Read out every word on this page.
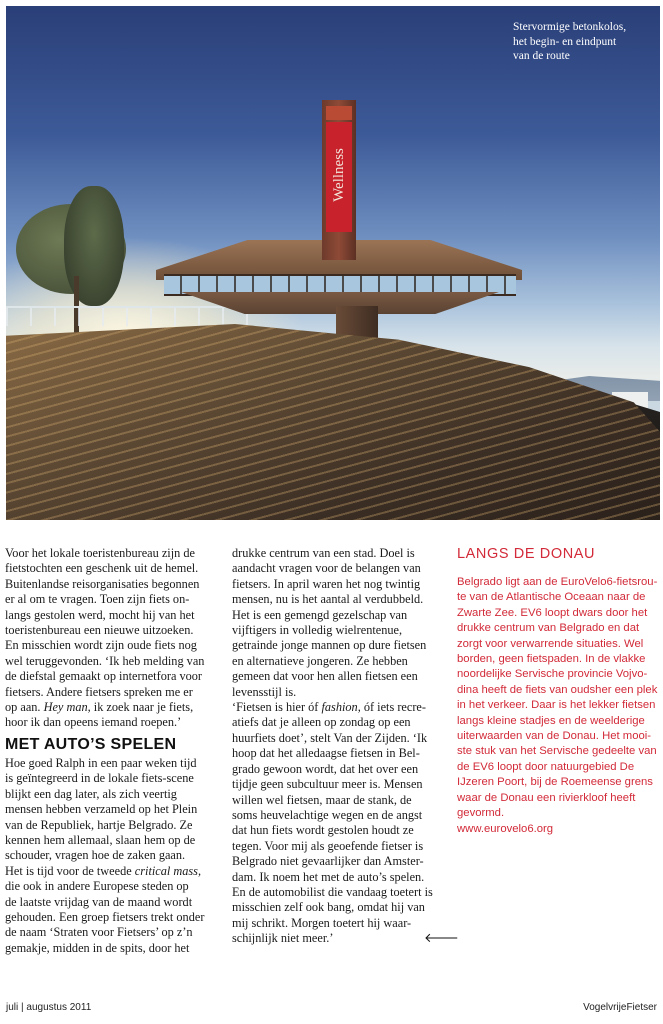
Wellness
Stervormige betonkolos,
het begin- en eindpunt
van de route

Voor het lokale toeristenbureau zijn de
fietstochten een geschenk uit de hemel.
Buitenlandse reisorganisaties begonnen
er al om te vragen. Toen zijn fiets on-
langs gestolen werd, mocht hij van het
toeristenbureau een nieuwe uitzoeken.
En misschien wordt zijn oude fiets nog
wel teruggevonden. ‘Ik heb melding van
de diefstal gemaakt op internetfora voor
fietsers. Andere fietsers spreken me er
op aan. Hey man, ik zoek naar je fiets,
hoor ik dan opeens iemand roepen.’

MET AUTO’S SPELEN

Hoe goed Ralph in een paar weken tijd
is geïntegreerd in de lokale fiets-scene
blijkt een dag later, als zich veertig
mensen hebben verzameld op het Plein
van de Republiek, hartje Belgrado. Ze
kennen hem allemaal, slaan hem op de
schouder, vragen hoe de zaken gaan.
Het is tijd voor de tweede critical mass,
die ook in andere Europese steden op
de laatste vrijdag van de maand wordt
gehouden. Een groep fietsers trekt onder
de naam ‘Straten voor Fietsers’ op z’n
gemakje, midden in de spits, door het

drukke centrum van een stad. Doel is
aandacht vragen voor de belangen van
fietsers. In april waren het nog twintig
mensen, nu is het aantal al verdubbeld.
Het is een gemengd gezelschap van
vijftigers in volledig wielrentenue,
getrainde jonge mannen op dure fietsen
en alternatieve jongeren. Ze hebben
gemeen dat voor hen allen fietsen een
levensstijl is.

‘Fietsen is hier óf fashion, óf iets recre-
atiefs dat je alleen op zondag op een
huurfiets doet’, stelt Van der Zijden. ‘Ik
hoop dat het alledaagse fietsen in Bel-
grado gewoon wordt, dat het over een
tijdje geen subcultuur meer is. Mensen
willen wel fietsen, maar de stank, de
soms heuvelachtige wegen en de angst
dat hun fiets wordt gestolen houdt ze
tegen. Voor mij als geoefende fietser is
Belgrado niet gevaarlijker dan Amster-
dam. Ik noem het met de auto’s spelen.
En de automobilist die vandaag toetert is
misschien zelf ook bang, omdat hij van
mij schrikt. Morgen toetert hij waar-
schijnlijk niet meer.’	🡐
LANGS DE DONAU

Belgrado ligt aan de EuroVelo6-fietsrou-
te van de Atlantische Oceaan naar de
Zwarte Zee. EV6 loopt dwars door het
drukke centrum van Belgrado en dat
zorgt voor verwarrende situaties. Wel
borden, geen fietspaden. In de vlakke
noordelijke Servische provincie Vojvo-
dina heeft de fiets van oudsher een plek
in het verkeer. Daar is het lekker fietsen
langs kleine stadjes en de weelderige
uiterwaarden van de Donau. Het mooi-
ste stuk van het Servische gedeelte van
de EV6 loopt door natuurgebied De
IJzeren Poort, bij de Roemeense grens
waar de Donau een rivierkloof heeft
gevormd.
www.eurovelo6.org

juli | augustus 2011	VogelvrijeFietser
